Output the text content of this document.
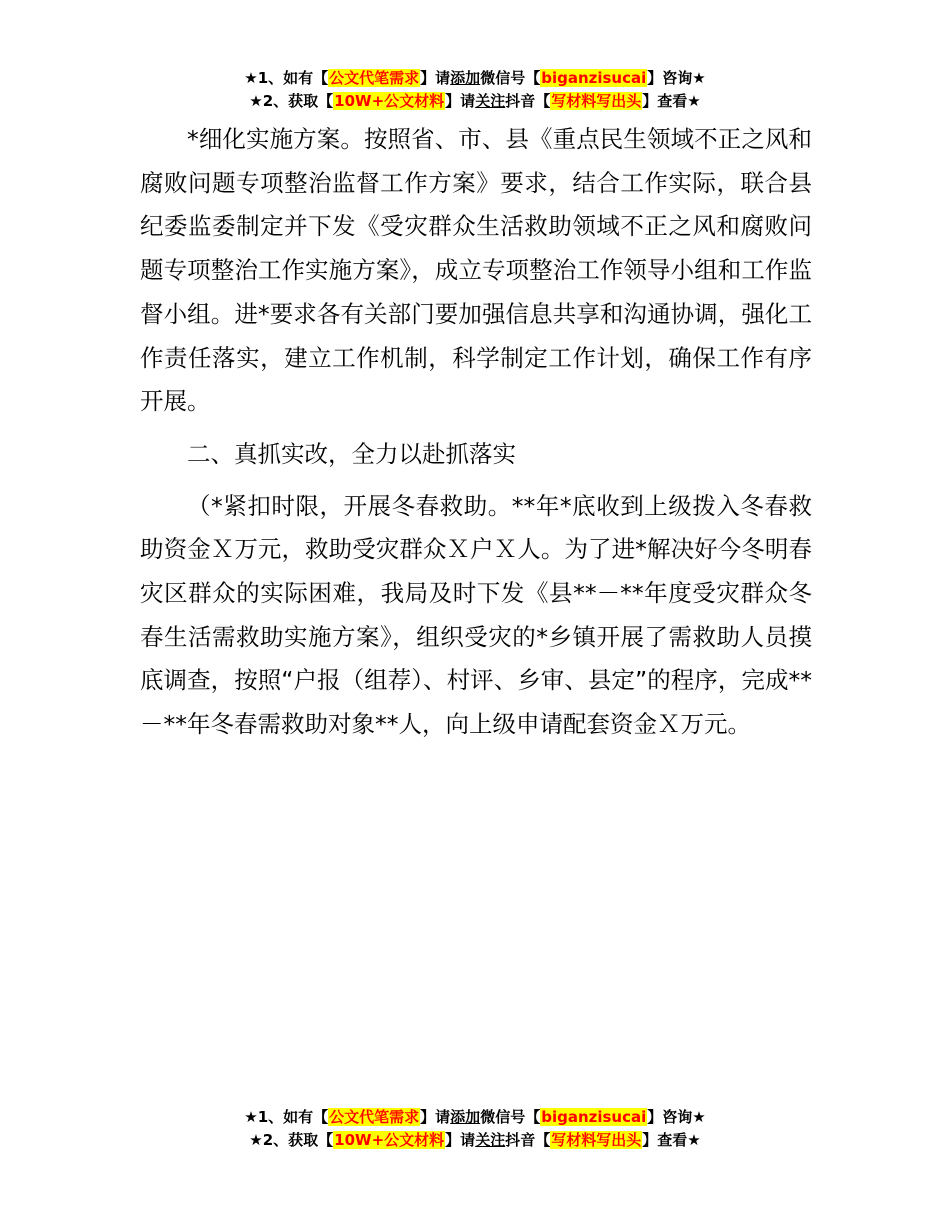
★1、如有【公文代笔需求】请添加微信号【biganzisucai】咨询★
★2、获取【10W+公文材料】请关注抖音【写材料写出头】查看★

*细化实施方案。按照省、市、县《重点民生领域不正之风和腐败问题专项整治监督工作方案》要求，结合工作实际，联合县纪委监委制定并下发《受灾群众生活救助领域不正之风和腐败问题专项整治工作实施方案》，成立专项整治工作领导小组和工作监督小组。进*要求各有关部门要加强信息共享和沟通协调，强化工作责任落实，建立工作机制，科学制定工作计划，确保工作有序开展。

二、真抓实改，全力以赴抓落实

（*紧扣时限，开展冬春救助。**年*底收到上级拨入冬春救助资金Ｘ万元，救助受灾群众Ｘ户Ｘ人。为了进*解决好今冬明春灾区群众的实际困难，我局及时下发《县**－**年度受灾群众冬春生活需救助实施方案》，组织受灾的*乡镇开展了需救助人员摸底调查，按照“户报（组荐）、村评、乡审、县定”的程序，完成**－**年冬春需救助对象**人，向上级申请配套资金Ｘ万元。

★1、如有【公文代笔需求】请添加微信号【biganzisucai】咨询★
★2、获取【10W+公文材料】请关注抖音【写材料写出头】查看★
